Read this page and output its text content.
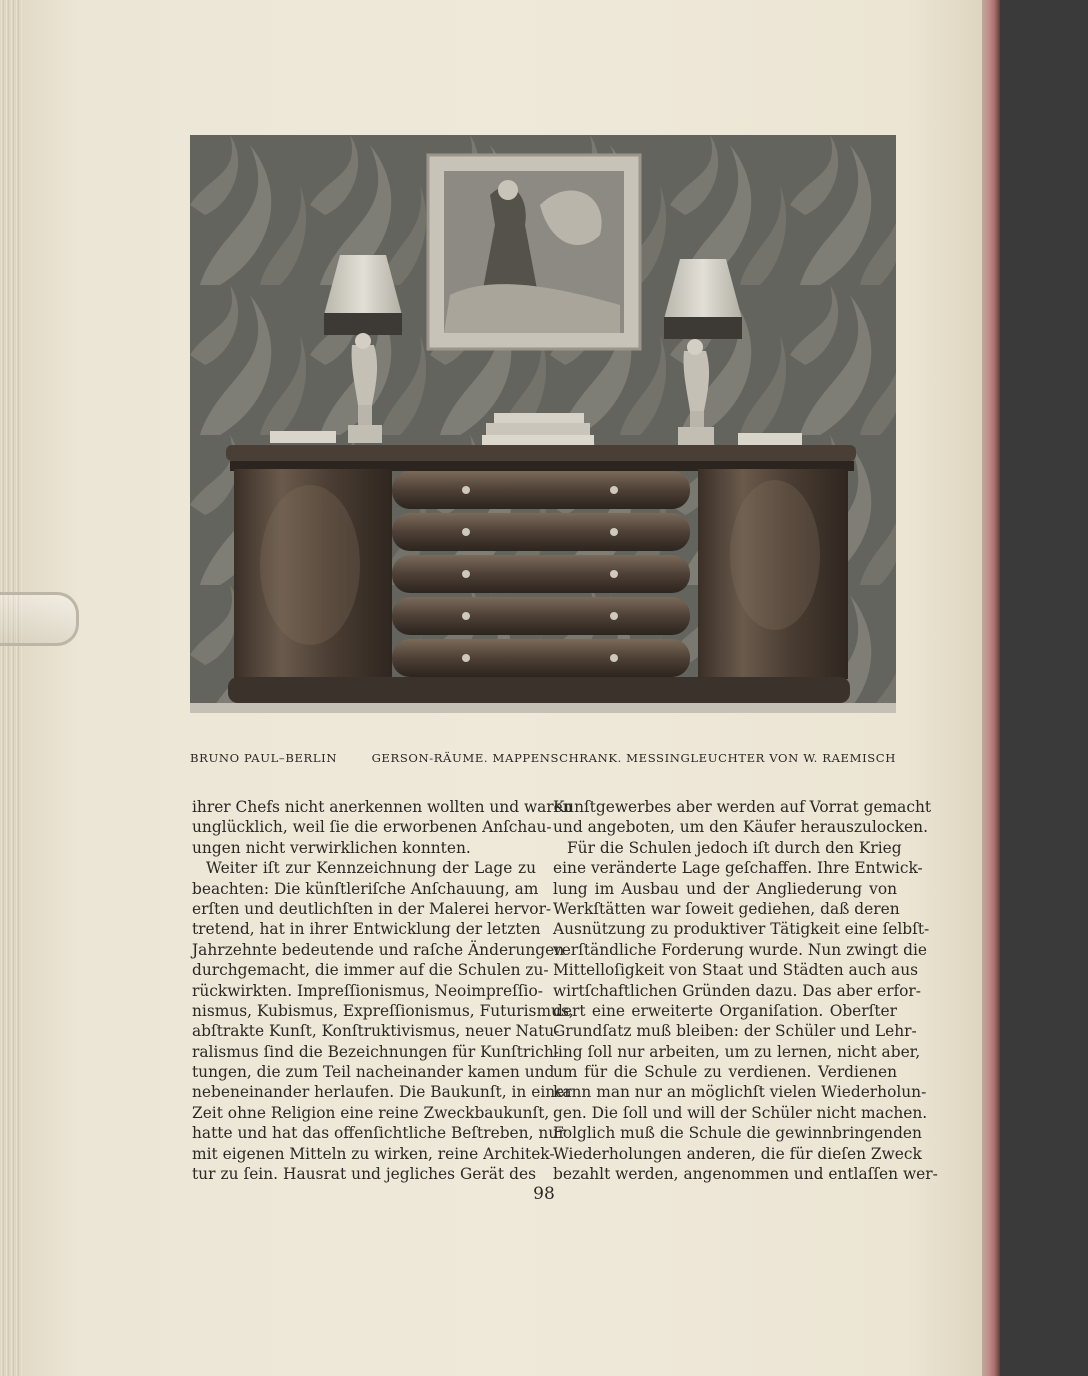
BRUNO PAUL–BERLIN	GERSON-RÄUME. MAPPENSCHRANK. MESSINGLEUCHTER VON W. RAEMISCH
ihrer Chefs nicht anerkennen wollten und waren
unglücklich, weil ſie die erworbenen Anſchau-
ungen nicht verwirklichen konnten.
Weiter iſt zur Kennzeichnung der Lage zu
beachten: Die künſtleriſche Anſchauung, am
erſten und deutlichſten in der Malerei hervor-
tretend, hat in ihrer Entwicklung der letzten
Jahrzehnte bedeutende und raſche Änderungen
durchgemacht, die immer auf die Schulen zu-
rückwirkten. Impreſſionismus, Neoimpreſſio-
nismus, Kubismus, Expreſſionismus, Futurismus,
abſtrakte Kunſt, Konſtruktivismus, neuer Natu-
ralismus ſind die Bezeichnungen für Kunſtrich-
tungen, die zum Teil nacheinander kamen und
nebeneinander herlaufen. Die Baukunſt, in einer
Zeit ohne Religion eine reine Zweckbaukunſt,
hatte und hat das offenſichtliche Beſtreben, nur
mit eigenen Mitteln zu wirken, reine Architek-
tur zu ſein. Hausrat und jegliches Gerät des
Kunſtgewerbes aber werden auf Vorrat gemacht
und angeboten, um den Käufer herauszulocken.
Für die Schulen jedoch iſt durch den Krieg
eine veränderte Lage geſchaffen. Ihre Entwick-
lung im Ausbau und der Angliederung von
Werkſtätten war ſoweit gediehen, daß deren
Ausnützung zu produktiver Tätigkeit eine ſelbſt-
verſtändliche Forderung wurde. Nun zwingt die
Mittelloſigkeit von Staat und Städten auch aus
wirtſchaftlichen Gründen dazu. Das aber erfor-
dert eine erweiterte Organiſation. Oberſter
Grundſatz muß bleiben: der Schüler und Lehr-
ling ſoll nur arbeiten, um zu lernen, nicht aber,
um für die Schule zu verdienen. Verdienen
kann man nur an möglichſt vielen Wiederholun-
gen. Die ſoll und will der Schüler nicht machen.
Folglich muß die Schule die gewinnbringenden
Wiederholungen anderen, die für dieſen Zweck
bezahlt werden, angenommen und entlaſſen wer-
98
